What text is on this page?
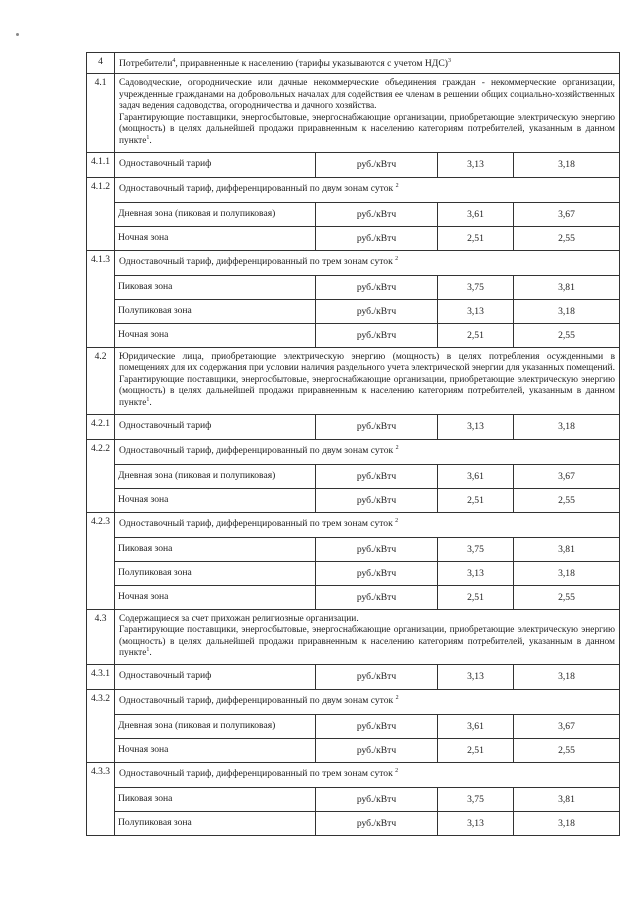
4	Потребители$^4$, приравненные к населению (тарифы указываются с учетом НДС)$^3$
4.1	Садоводческие, огороднические или дачные некоммерческие объединения граждан - некоммерческие организации, учрежденные гражданами на добровольных началах для содействия ее членам в решении общих социально-хозяйственных задач ведения садоводства, огородничества и дачного хозяйства.

Гарантирующие поставщики, энергосбытовые, энергоснабжающие организации, приобретающие электрическую энергию (мощность) в целях дальнейшей продажи приравненным к населению категориям потребителей, указанным в данном пункте$^1$.

4.1.1 Одноставочный тариф	руб./кВтч	3,13	3,18
4.1.2 Одноставочный тариф, дифференцированный по двум зонам суток $^2$
Дневная зона (пиковая и полупиковая)	руб./кВтч	3,61	3,67
Ночная зона	руб./кВтч	2,51	2,55
4.1.3 Одноставочный тариф, дифференцированный по трем зонам суток $^2$
Пиковая зона	руб./кВтч	3,75	3,81
Полупиковая зона	руб./кВтч	3,13	3,18
Ночная зона	руб./кВтч	2,51	2,55
4.2	Юридические лица, приобретающие электрическую энергию (мощность) в целях потребления осужденными в помещениях для их содержания при условии наличия раздельного учета электрической энергии для указанных помещений.

Гарантирующие поставщики, энергосбытовые, энергоснабжающие организации, приобретающие электрическую энергию (мощность) в целях дальнейшей продажи приравненным к населению категориям потребителей, указанным в данном пункте$^1$.

4.2.1 Одноставочный тариф	руб./кВтч	3,13	3,18
4.2.2 Одноставочный тариф, дифференцированный по двум зонам суток $^2$
Дневная зона (пиковая и полупиковая)	руб./кВтч	3,61	3,67
Ночная зона	руб./кВтч	2,51	2,55
4.2.3 Одноставочный тариф, дифференцированный по трем зонам суток $^2$
Пиковая зона	руб./кВтч	3,75	3,81
Полупиковая зона	руб./кВтч	3,13	3,18
Ночная зона	руб./кВтч	2,51	2,55
4.3	Содержащиеся за счет прихожан религиозные организации.

Гарантирующие поставщики, энергосбытовые, энергоснабжающие организации, приобретающие электрическую энергию (мощность) в целях дальнейшей продажи приравненным к населению категориям потребителей, указанным в данном пункте$^1$.

4.3.1 Одноставочный тариф	руб./кВтч	3,13	3,18
4.3.2 Одноставочный тариф, дифференцированный по двум зонам суток $^2$
Дневная зона (пиковая и полупиковая)	руб./кВтч	3,61	3,67
Ночная зона	руб./кВтч	2,51	2,55
4.3.3 Одноставочный тариф, дифференцированный по трем зонам суток $^2$
Пиковая зона	руб./кВтч	3,75	3,81
Полупиковая зона	руб./кВтч	3,13	3,18
